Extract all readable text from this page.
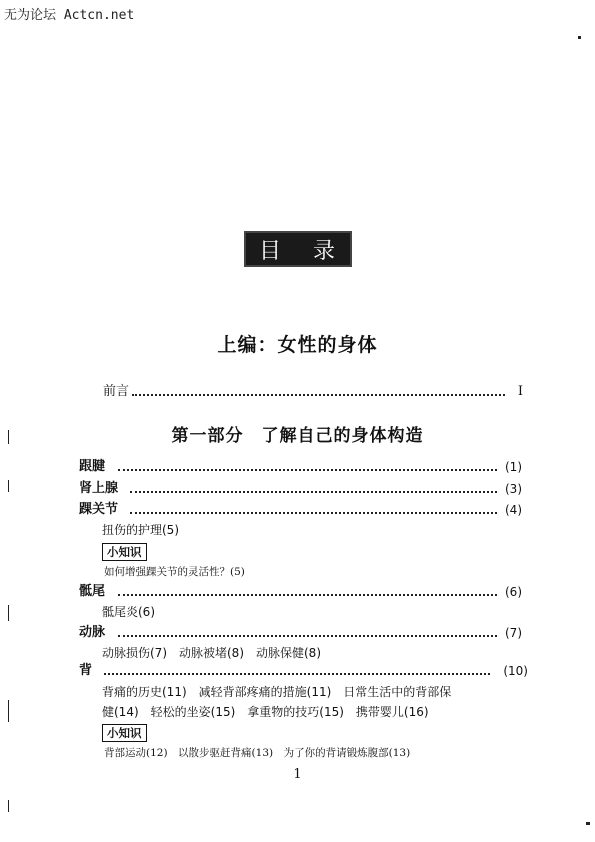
无为论坛 Actcn.net
目 录
上编：女性的身体
前言	I
第一部分　了解自己的身体构造
跟腱	(1)
肾上腺	(3)
踝关节	(4)
扭伤的护理(5)
小知识
如何增强踝关节的灵活性？(5)
骶尾	(6)
骶尾炎(6)
动脉	(7)
动脉损伤(7)　动脉被堵(8)　动脉保健(8)
背	(10)
背痛的历史(11)　减轻背部疼痛的措施(11)　日常生活中的背部保
健(14)　轻松的坐姿(15)　拿重物的技巧(15)　携带婴儿(16)
小知识
背部运动(12)　以散步驱赶背痛(13)　为了你的背请锻炼腹部(13)
1
